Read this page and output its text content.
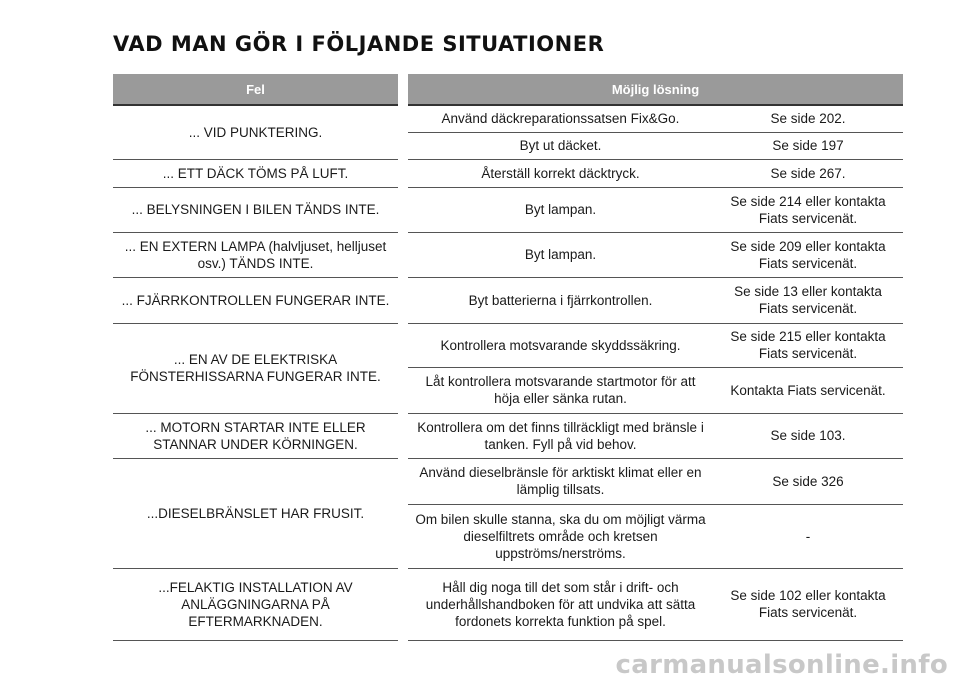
VAD MAN GÖR I FÖLJANDE SITUATIONER
Fel	Möjlig lösning	
... VID PUNKTERING.	Använd däckreparationssatsen Fix&Go.	Se side 202.
	Byt ut däcket.	Se side 197
... ETT DÄCK TÖMS PÅ LUFT.	Återställ korrekt däcktryck.	Se side 267.
... BELYSNINGEN I BILEN TÄNDS INTE.	Byt lampan.	Se side 214 eller kontakta Fiats servicenät.
... EN EXTERN LAMPA (halvljuset, helljuset osv.) TÄNDS INTE.	Byt lampan.	Se side 209 eller kontakta Fiats servicenät.
... FJÄRRKONTROLLEN FUNGERAR INTE.	Byt batterierna i fjärrkontrollen.	Se side 13 eller kontakta Fiats servicenät.
... EN AV DE ELEKTRISKA FÖNSTERHISSARNA FUNGERAR INTE.	Kontrollera motsvarande skyddssäkring.	Se side 215 eller kontakta Fiats servicenät.
	Låt kontrollera motsvarande startmotor för att höja eller sänka rutan.	Kontakta Fiats servicenät.
... MOTORN STARTAR INTE ELLER STANNAR UNDER KÖRNINGEN.	Kontrollera om det finns tillräckligt med bränsle i tanken. Fyll på vid behov.	Se side 103.
...DIESELBRÄNSLET HAR FRUSIT.	Använd dieselbränsle för arktiskt klimat eller en lämplig tillsats.	Se side 326
	Om bilen skulle stanna, ska du om möjligt värma dieselfiltrets område och kretsen uppströms/nerströms.	-
...FELAKTIG INSTALLATION AV ANLÄGGNINGARNA PÅ EFTERMARKNADEN.	Håll dig noga till det som står i drift- och underhållshandboken för att undvika att sätta fordonets korrekta funktion på spel.	Se side 102 eller kontakta Fiats servicenät.
carmanualsonline.info
